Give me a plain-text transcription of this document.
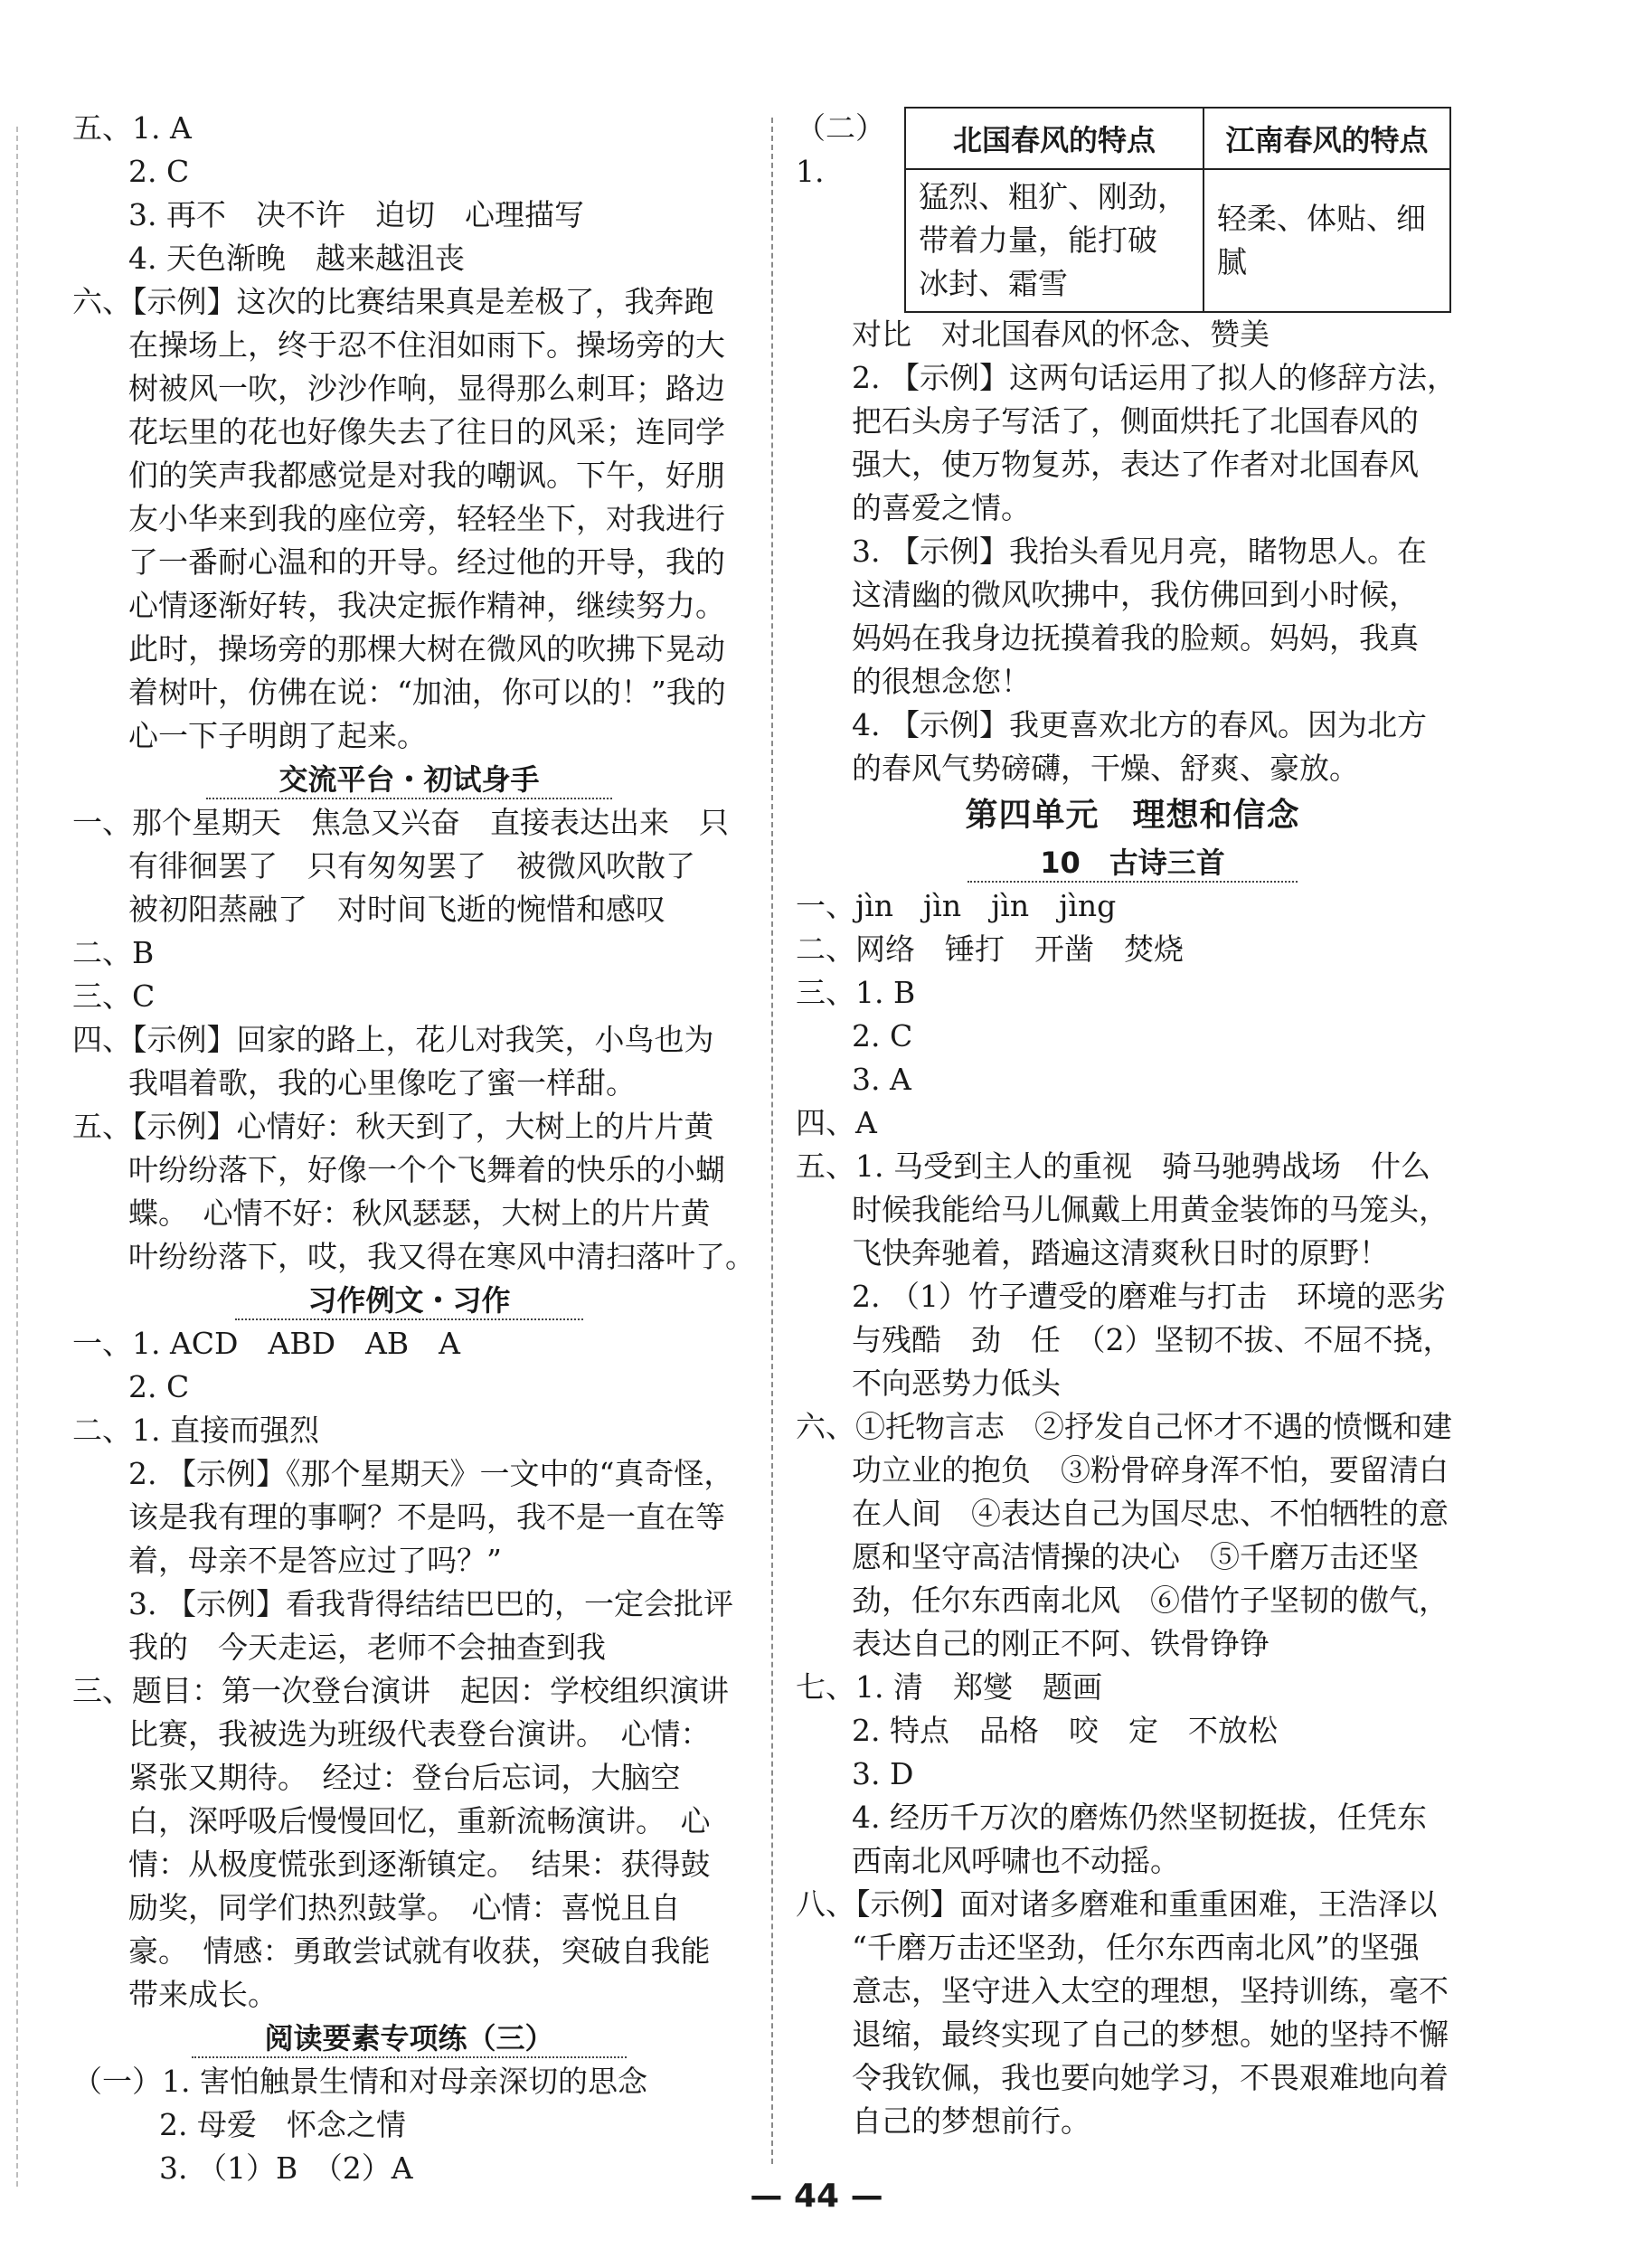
五、1. A
2. C
3. 再不　决不许　迫切　心理描写
4. 天色渐晚　越来越沮丧
六、【示例】这次的比赛结果真是差极了，我奔跑
在操场上，终于忍不住泪如雨下。操场旁的大
树被风一吹，沙沙作响，显得那么刺耳；路边
花坛里的花也好像失去了往日的风采；连同学
们的笑声我都感觉是对我的嘲讽。下午，好朋
友小华来到我的座位旁，轻轻坐下，对我进行
了一番耐心温和的开导。经过他的开导，我的
心情逐渐好转，我决定振作精神，继续努力。
此时，操场旁的那棵大树在微风的吹拂下晃动
着树叶，仿佛在说：“加油，你可以的！”我的
心一下子明朗了起来。
交流平台・初试身手
一、那个星期天　焦急又兴奋　直接表达出来　只
有徘徊罢了　只有匆匆罢了　被微风吹散了
被初阳蒸融了　对时间飞逝的惋惜和感叹
二、B
三、C
四、【示例】回家的路上，花儿对我笑，小鸟也为
我唱着歌，我的心里像吃了蜜一样甜。
五、【示例】心情好：秋天到了，大树上的片片黄
叶纷纷落下，好像一个个飞舞着的快乐的小蝴
蝶。　心情不好：秋风瑟瑟，大树上的片片黄
叶纷纷落下，哎，我又得在寒风中清扫落叶了。
习作例文・习作
一、1. ACD　ABD　AB　A
2. C
二、1. 直接而强烈
2. 【示例】《那个星期天》一文中的“真奇怪，
该是我有理的事啊？不是吗，我不是一直在等
着，母亲不是答应过了吗？”
3. 【示例】看我背得结结巴巴的，一定会批评
我的　今天走运，老师不会抽查到我
三、题目：第一次登台演讲　起因：学校组织演讲
比赛，我被选为班级代表登台演讲。　心情：
紧张又期待。　经过：登台后忘词，大脑空
白，深呼吸后慢慢回忆，重新流畅演讲。　心
情：从极度慌张到逐渐镇定。　结果：获得鼓
励奖，同学们热烈鼓掌。　心情：喜悦且自
豪。　情感：勇敢尝试就有收获，突破自我能
带来成长。
阅读要素专项练（三）
（一）1. 害怕触景生情和对母亲深切的思念
2. 母爱　怀念之情
3. （1）B　（2）A
（二）1.
北国春风的特点	江南春风的特点

猛烈、粗犷、刚劲，
带着力量，能打破
冰封、霜雪	轻柔、体贴、细腻
对比　对北国春风的怀念、赞美
2. 【示例】这两句话运用了拟人的修辞方法，
把石头房子写活了，侧面烘托了北国春风的
强大，使万物复苏，表达了作者对北国春风
的喜爱之情。
3. 【示例】我抬头看见月亮，睹物思人。在
这清幽的微风吹拂中，我仿佛回到小时候，
妈妈在我身边抚摸着我的脸颊。妈妈，我真
的很想念您！
4. 【示例】我更喜欢北方的春风。因为北方
的春风气势磅礴，干燥、舒爽、豪放。
第四单元　理想和信念
10　古诗三首
一、jìn　jìn　jìn　jìng
二、网络　锤打　开凿　焚烧
三、1. B
2. C
3. A
四、A
五、1. 马受到主人的重视　骑马驰骋战场　什么
时候我能给马儿佩戴上用黄金装饰的马笼头，
飞快奔驰着，踏遍这清爽秋日时的原野！
2. （1）竹子遭受的磨难与打击　环境的恶劣
与残酷　劲　任　（2）坚韧不拔、不屈不挠，
不向恶势力低头
六、①托物言志　②抒发自己怀才不遇的愤慨和建
功立业的抱负　③粉骨碎身浑不怕，要留清白
在人间　④表达自己为国尽忠、不怕牺牲的意
愿和坚守高洁情操的决心　⑤千磨万击还坚
劲，任尔东西南北风　⑥借竹子坚韧的傲气，
表达自己的刚正不阿、铁骨铮铮
七、1. 清　郑燮　题画
2. 特点　品格　咬　定　不放松
3. D
4. 经历千万次的磨炼仍然坚韧挺拔，任凭东
西南北风呼啸也不动摇。
八、【示例】面对诸多磨难和重重困难，王浩泽以
“千磨万击还坚劲，任尔东西南北风”的坚强
意志，坚守进入太空的理想，坚持训练，毫不
退缩，最终实现了自己的梦想。她的坚持不懈
令我钦佩，我也要向她学习，不畏艰难地向着
自己的梦想前行。
— 44 —
